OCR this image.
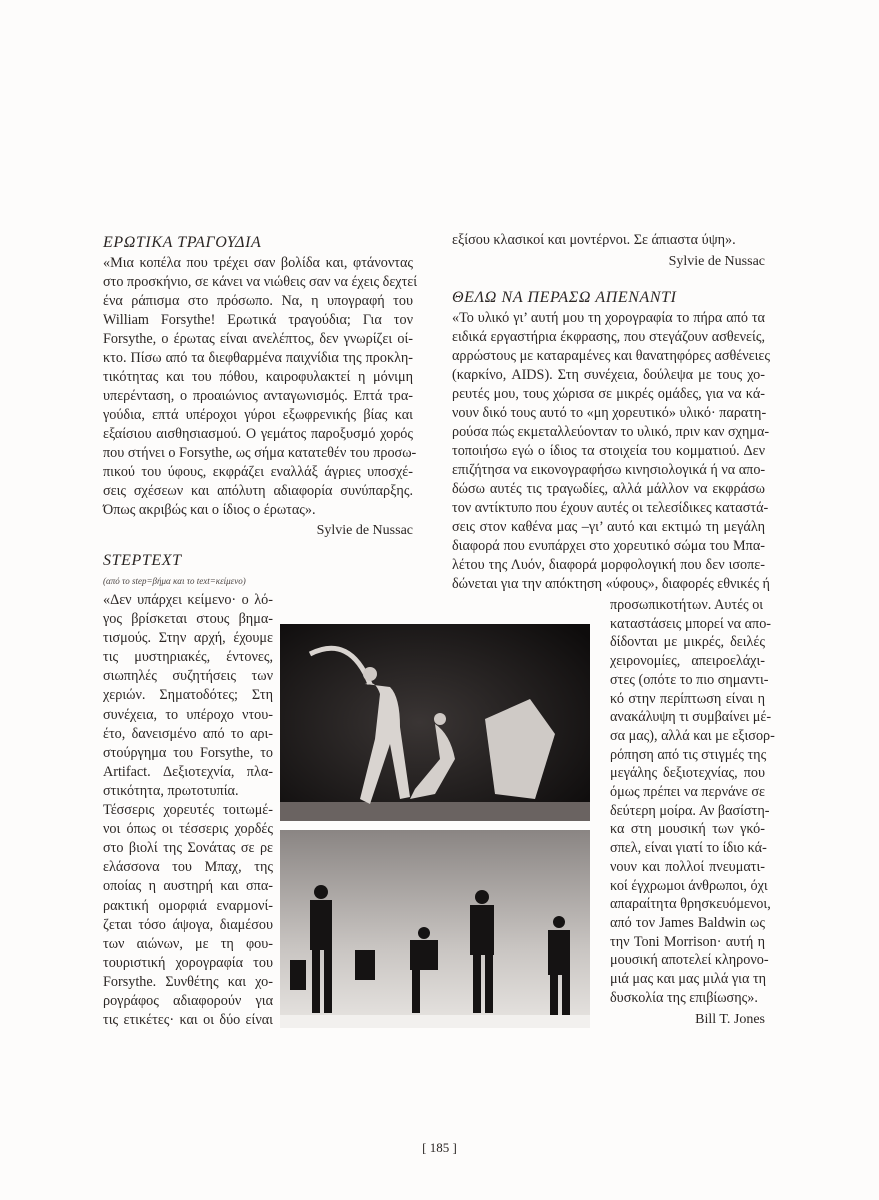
ΕΡΩΤΙΚΑ ΤΡΑΓΟΥΔΙΑ
«Μια κοπέλα που τρέχει σαν βολίδα και, φτάνοντας
στο προσκήνιο, σε κάνει να νιώθεις σαν να έχεις δεχτεί
ένα ράπισμα στο πρόσωπο. Να, η υπογραφή του
William Forsythe! Ερωτικά τραγούδια; Για τον
Forsythe, ο έρωτας είναι ανελέπτος, δεν γνωρίζει οί-
κτο. Πίσω από τα διεφθαρμένα παιχνίδια της προκλη-
τικότητας και του πόθου, καιροφυλακτεί η μόνιμη
υπερένταση, ο προαιώνιος ανταγωνισμός. Επτά τρα-
γούδια, επτά υπέροχοι γύροι εξωφρενικής βίας και
εξαίσιου αισθησιασμού. Ο γεμάτος παροξυσμό χορός
που στήνει ο Forsythe, ως σήμα κατατεθέν του προσω-
πικού του ύφους, εκφράζει εναλλάξ άγριες υποσχέ-
σεις σχέσεων και απόλυτη αδιαφορία συνύπαρξης.
Όπως ακριβώς και ο ίδιος ο έρωτας».
Sylvie de Nussac
STEPTEXT
(από το step=βήμα και το text=κείμενο)
«Δεν υπάρχει κείμενο· ο λό-
γος βρίσκεται στους βημα-
τισμούς. Στην αρχή, έχουμε
τις μυστηριακές, έντονες,
σιωπηλές συζητήσεις των
χεριών. Σηματοδότες; Στη
συνέχεια, το υπέροχο ντου-
έτο, δανεισμένο από το αρι-
στούργημα του Forsythe, το
Artifact. Δεξιοτεχνία, πλα-
στικότητα, πρωτοτυπία.
Τέσσερις χορευτές τοιτωμέ-
νοι όπως οι τέσσερις χορδές
στο βιολί της Σονάτας σε ρε
ελάσσονα του Μπαχ, της
οποίας η αυστηρή και σπα-
ρακτική ομορφιά εναρμονί-
ζεται τόσο άψογα, διαμέσου
των αιώνων, με τη φου-
τουριστική χορογραφία του
Forsythe. Συνθέτης και χο-
ρογράφος αδιαφορούν για
τις ετικέτες· και οι δύο είναι
εξίσου κλασικοί και μοντέρνοι. Σε άπιαστα ύψη».
Sylvie de Nussac
ΘΕΛΩ ΝΑ ΠΕΡΑΣΩ ΑΠΕΝΑΝΤΙ
«Το υλικό γι’ αυτή μου τη χορογραφία το πήρα από τα
ειδικά εργαστήρια έκφρασης, που στεγάζουν ασθενείς,
αρρώστους με καταραμένες και θανατηφόρες ασθένειες
(καρκίνο, AIDS). Στη συνέχεια, δούλεψα με τους χο-
ρευτές μου, τους χώρισα σε μικρές ομάδες, για να κά-
νουν δικό τους αυτό το «μη χορευτικό» υλικό· παρατη-
ρούσα πώς εκμεταλλεύονταν το υλικό, πριν καν σχημα-
τοποιήσω εγώ ο ίδιος τα στοιχεία του κομματιού. Δεν
επιζήτησα να εικονογραφήσω κινησιολογικά ή να απο-
δώσω αυτές τις τραγωδίες, αλλά μάλλον να εκφράσω
τον αντίκτυπο που έχουν αυτές οι τελεσίδικες καταστά-
σεις στον καθένα μας –γι’ αυτό και εκτιμώ τη μεγάλη
διαφορά που ενυπάρχει στο χορευτικό σώμα του Μπα-
λέτου της Λυόν, διαφορά μορφολογική που δεν ισοπε-
δώνεται για την απόκτηση «ύφους», διαφορές εθνικές ή
προσωπικοτήτων. Αυτές οι
καταστάσεις μπορεί να απο-
δίδονται με μικρές, δειλές
χειρονομίες, απειροελάχι-
στες (οπότε το πιο σημαντι-
κό στην περίπτωση είναι η
ανακάλυψη τι συμβαίνει μέ-
σα μας), αλλά και με εξισορ-
ρόπηση από τις στιγμές της
μεγάλης δεξιοτεχνίας, που
όμως πρέπει να περνάνε σε
δεύτερη μοίρα. Αν βασίστη-
κα στη μουσική των γκό-
σπελ, είναι γιατί το ίδιο κά-
νουν και πολλοί πνευματι-
κοί έγχρωμοι άνθρωποι, όχι
απαραίτητα θρησκευόμενοι,
από τον James Baldwin ως
την Toni Morrison· αυτή η
μουσική αποτελεί κληρονο-
μιά μας και μας μιλά για τη
δυσκολία της επιβίωσης».
Bill T. Jones
[ 185 ]
